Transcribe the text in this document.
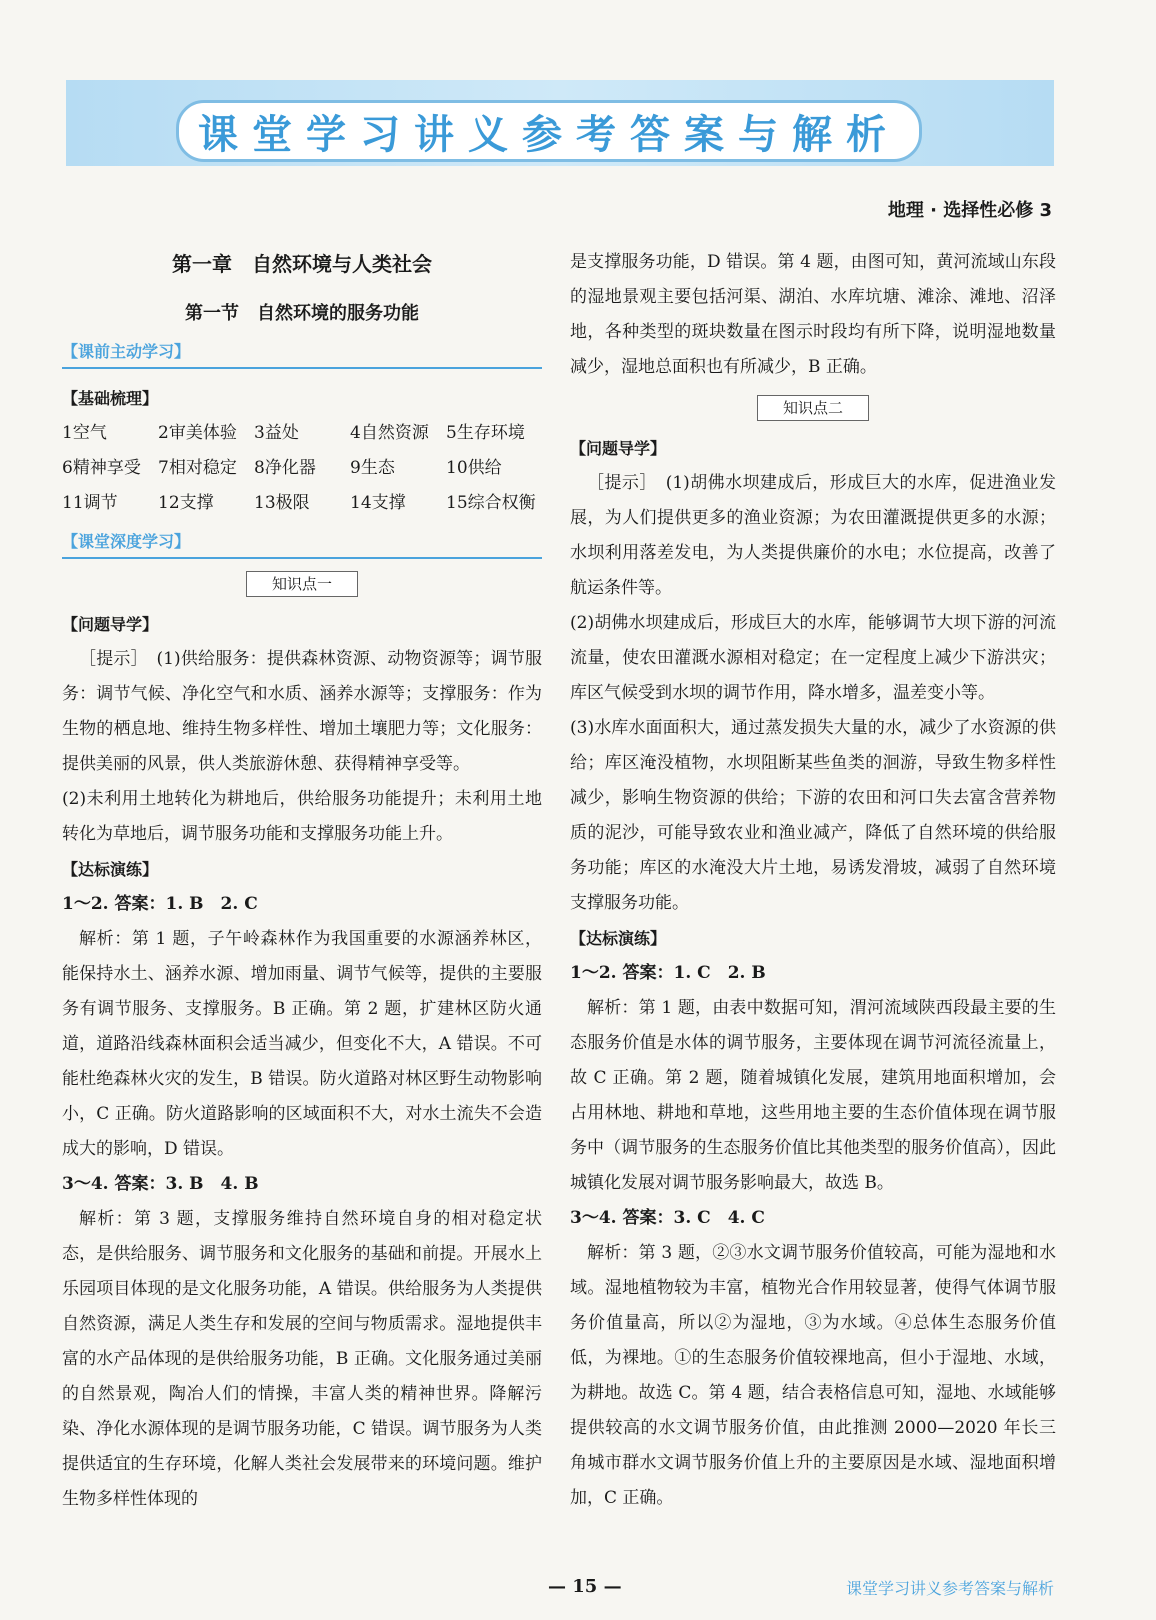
课堂学习讲义参考答案与解析
地理 · 选择性必修 3
第一章　自然环境与人类社会
第一节　自然环境的服务功能
【课前主动学习】
【基础梳理】
1空气	2审美体验	3益处	4自然资源	5生存环境
6精神享受	7相对稳定	8净化器	9生态	10供给
11调节	12支撑	13极限	14支撑	15综合权衡
【课堂深度学习】
知识点一
【问题导学】

［提示］　(1)供给服务：提供森林资源、动物资源等；调节服务：调节气候、净化空气和水质、涵养水源等；支撑服务：作为生物的栖息地、维持生物多样性、增加土壤肥力等；文化服务：提供美丽的风景，供人类旅游休憩、获得精神享受等。

(2)未利用土地转化为耕地后，供给服务功能提升；未利用土地转化为草地后，调节服务功能和支撑服务功能上升。

【达标演练】

1～2. 答案：1. B　2. C

解析：第 1 题，子午岭森林作为我国重要的水源涵养林区，能保持水土、涵养水源、增加雨量、调节气候等，提供的主要服务有调节服务、支撑服务。B 正确。第 2 题，扩建林区防火通道，道路沿线森林面积会适当减少，但变化不大，A 错误。不可能杜绝森林火灾的发生，B 错误。防火道路对林区野生动物影响小，C 正确。防火道路影响的区域面积不大，对水土流失不会造成大的影响，D 错误。

3～4. 答案：3. B　4. B

解析：第 3 题，支撑服务维持自然环境自身的相对稳定状态，是供给服务、调节服务和文化服务的基础和前提。开展水上乐园项目体现的是文化服务功能，A 错误。供给服务为人类提供自然资源，满足人类生存和发展的空间与物质需求。湿地提供丰富的水产品体现的是供给服务功能，B 正确。文化服务通过美丽的自然景观，陶冶人们的情操，丰富人类的精神世界。降解污染、净化水源体现的是调节服务功能，C 错误。调节服务为人类提供适宜的生存环境，化解人类社会发展带来的环境问题。维护生物多样性体现的

是支撑服务功能，D 错误。第 4 题，由图可知，黄河流域山东段的湿地景观主要包括河渠、湖泊、水库坑塘、滩涂、滩地、沼泽地，各种类型的斑块数量在图示时段均有所下降，说明湿地数量减少，湿地总面积也有所减少，B 正确。

知识点二
【问题导学】

［提示］　(1)胡佛水坝建成后，形成巨大的水库，促进渔业发展，为人们提供更多的渔业资源；为农田灌溉提供更多的水源；水坝利用落差发电，为人类提供廉价的水电；水位提高，改善了航运条件等。

(2)胡佛水坝建成后，形成巨大的水库，能够调节大坝下游的河流流量，使农田灌溉水源相对稳定；在一定程度上减少下游洪灾；库区气候受到水坝的调节作用，降水增多，温差变小等。

(3)水库水面面积大，通过蒸发损失大量的水，减少了水资源的供给；库区淹没植物，水坝阻断某些鱼类的洄游，导致生物多样性减少，影响生物资源的供给；下游的农田和河口失去富含营养物质的泥沙，可能导致农业和渔业减产，降低了自然环境的供给服务功能；库区的水淹没大片土地，易诱发滑坡，减弱了自然环境支撑服务功能。

【达标演练】

1～2. 答案：1. C　2. B

解析：第 1 题，由表中数据可知，渭河流域陕西段最主要的生态服务价值是水体的调节服务，主要体现在调节河流径流量上，故 C 正确。第 2 题，随着城镇化发展，建筑用地面积增加，会占用林地、耕地和草地，这些用地主要的生态价值体现在调节服务中（调节服务的生态服务价值比其他类型的服务价值高），因此城镇化发展对调节服务影响最大，故选 B。

3～4. 答案：3. C　4. C

解析：第 3 题，②③水文调节服务价值较高，可能为湿地和水域。湿地植物较为丰富，植物光合作用较显著，使得气体调节服务价值量高，所以②为湿地，③为水域。④总体生态服务价值低，为裸地。①的生态服务价值较裸地高，但小于湿地、水域，为耕地。故选 C。第 4 题，结合表格信息可知，湿地、水域能够提供较高的水文调节服务价值，由此推测 2000—2020 年长三角城市群水文调节服务价值上升的主要原因是水域、湿地面积增加，C 正确。

— 15 —	课堂学习讲义参考答案与解析
